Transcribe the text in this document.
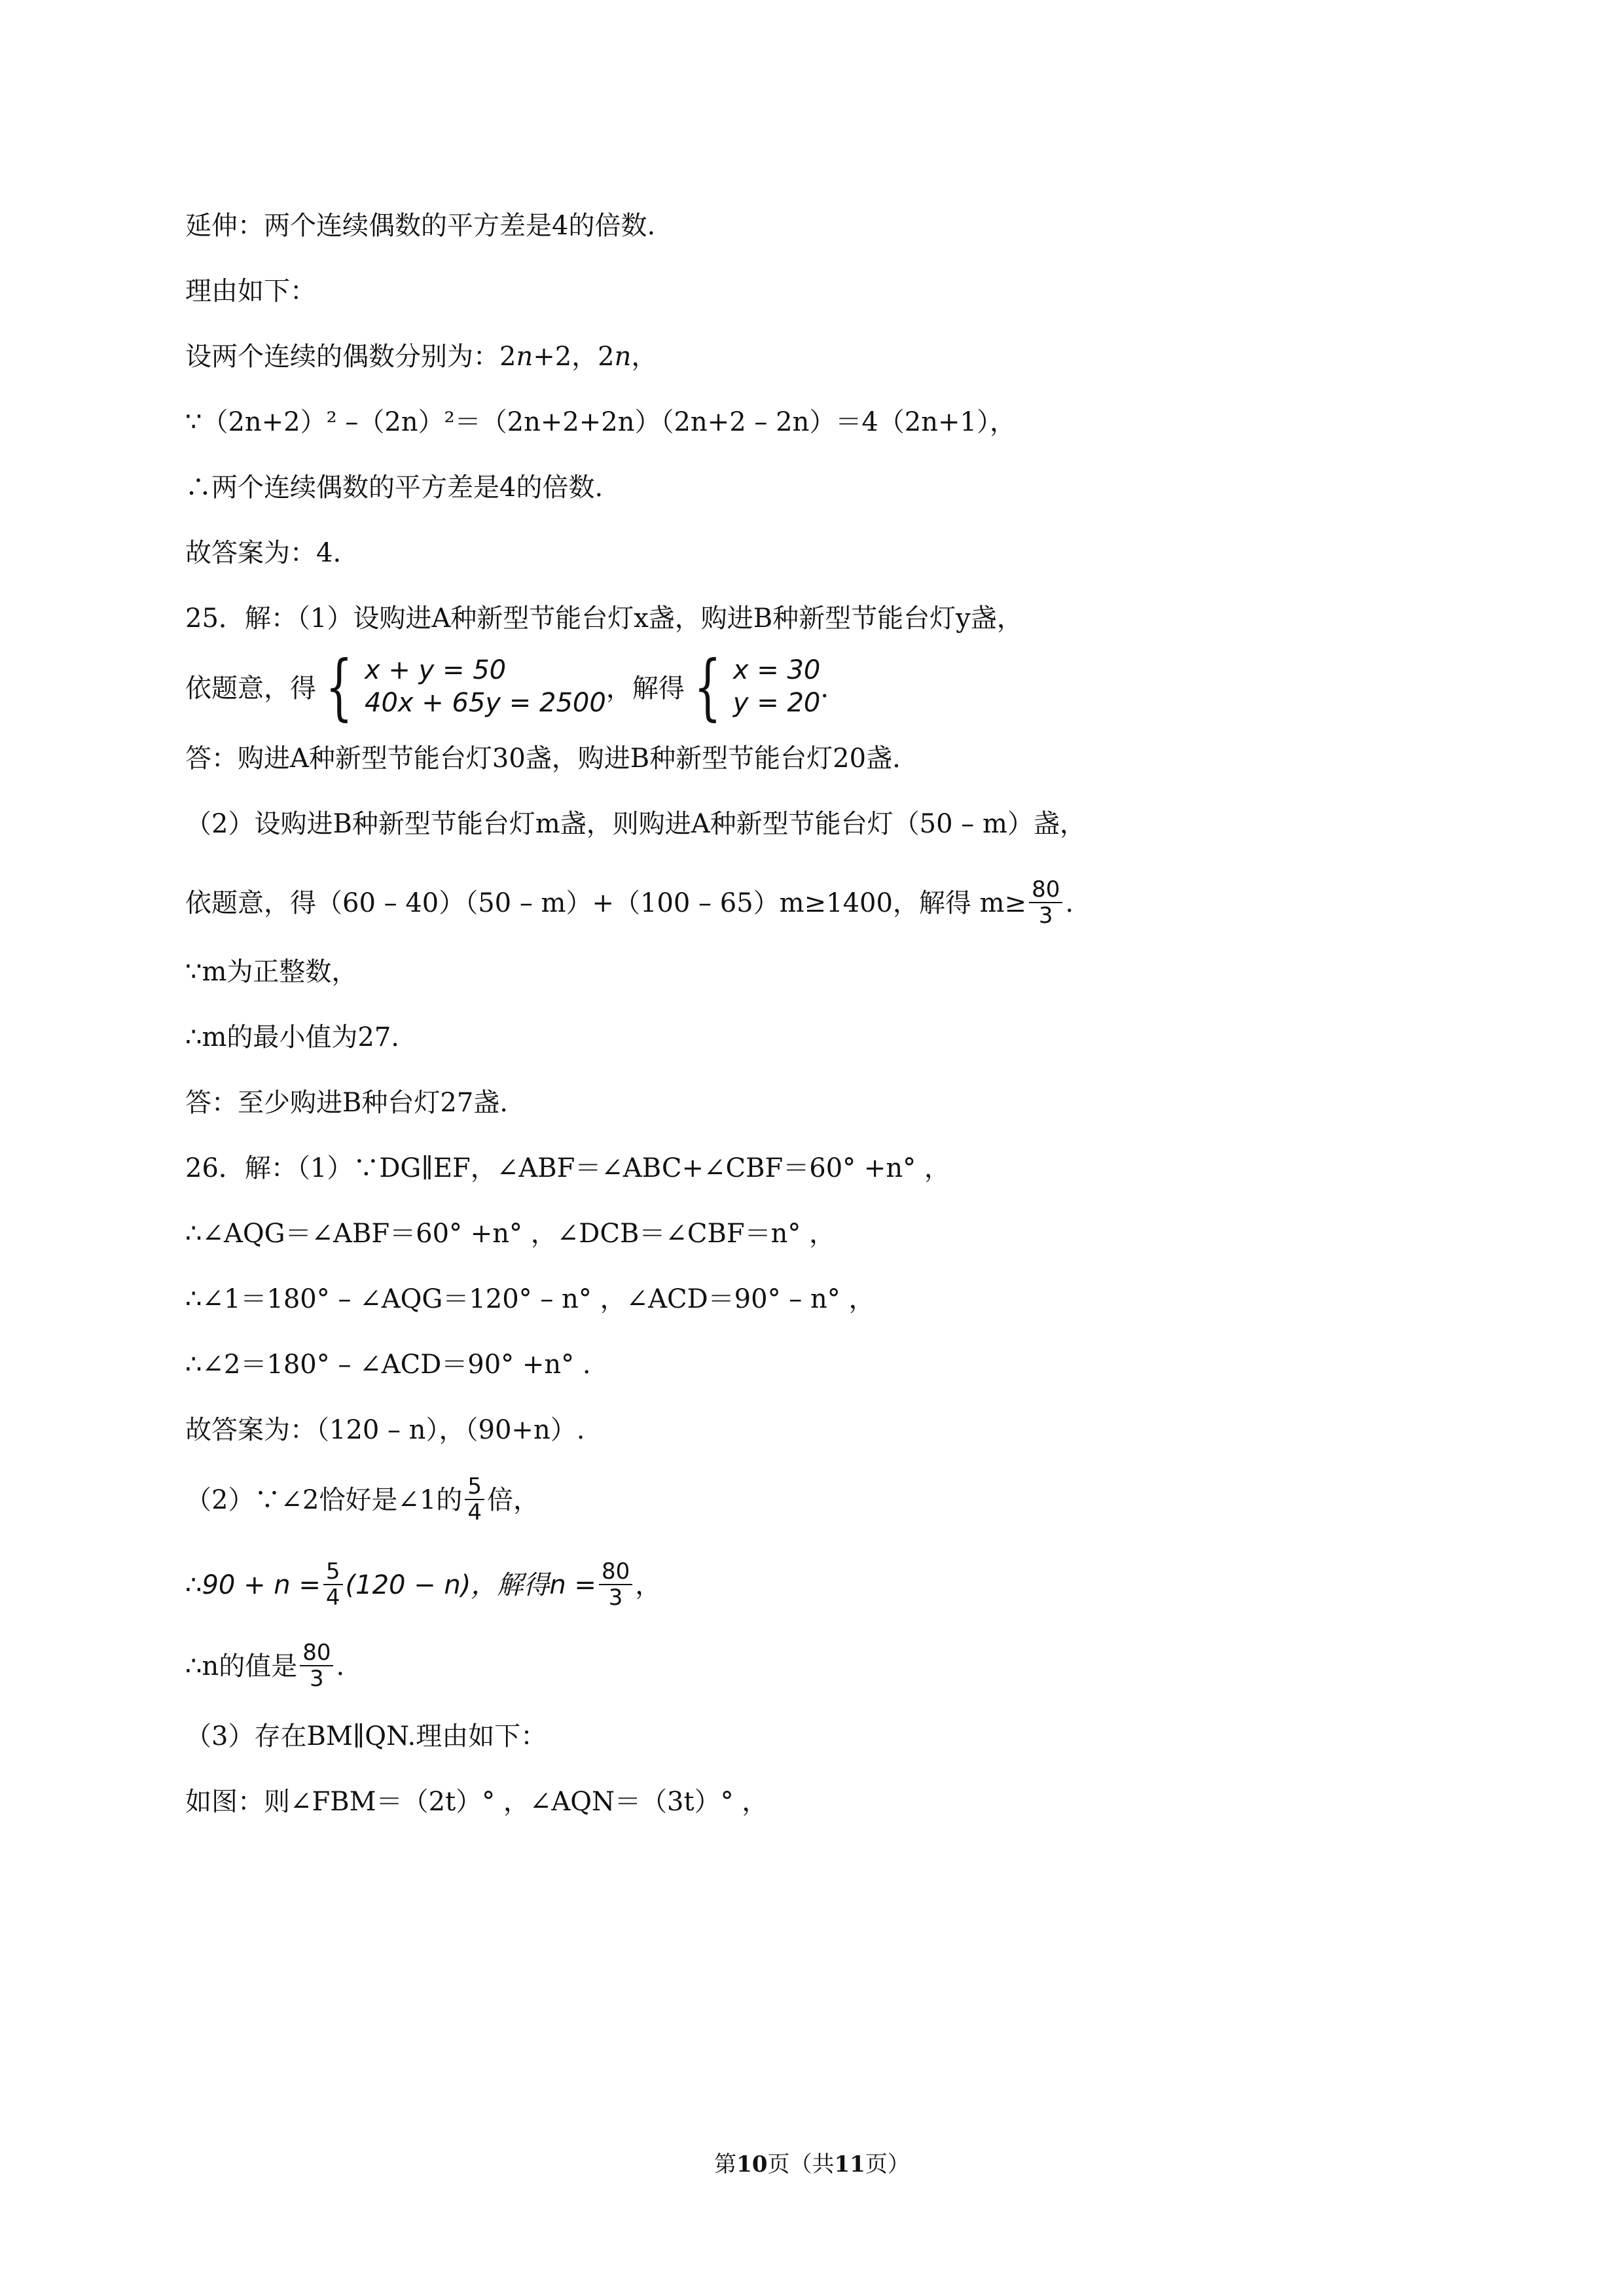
延伸：两个连续偶数的平方差是4的倍数.
理由如下：
设两个连续的偶数分别为：2n+2，2n，
∵（2n+2）² –（2n）²＝（2n+2+2n）（2n+2 – 2n）＝4（2n+1），
∴两个连续偶数的平方差是4的倍数.
故答案为：4.
25．解：（1）设购进A种新型节能台灯x盏，购进B种新型节能台灯y盏，
依题意，得 { x + y = 50
40x + 65y = 2500 ，解得 { x = 30
y = 20 .
答：购进A种新型节能台灯30盏，购进B种新型节能台灯20盏.
（2）设购进B种新型节能台灯m盏，则购进A种新型节能台灯（50 – m）盏，
依题意，得（60 – 40）（50 – m）+（100 – 65）m≥1400，解得 $m\ge \frac{80}{3}$ .
∵m为正整数，
∴m的最小值为27.
答：至少购进B种台灯27盏.
26．解：（1）∵DG∥EF，∠ABF＝∠ABC+∠CBF＝60° +n° ，
∴∠AQG＝∠ABF＝60° +n° ，∠DCB＝∠CBF＝n° ，
∴∠1＝180° – ∠AQG＝120° – n° ，∠ACD＝90° – n° ，
∴∠2＝180° – ∠ACD＝90° +n° .
故答案为：（120 – n），（90+n）.
（2）∵∠2恰好是∠1的 $\frac{5}{4}$ 倍，
∴90 + $n = \frac{5}{4} (120 - n)$，解得$n = \frac{80}{3}$ ，
∴n的值是 $\frac{80}{3}$ .
（3）存在BM∥QN.理由如下：
如图：则∠FBM＝（2t）° ，∠AQN＝（3t）° ，
第10页（共11页）
